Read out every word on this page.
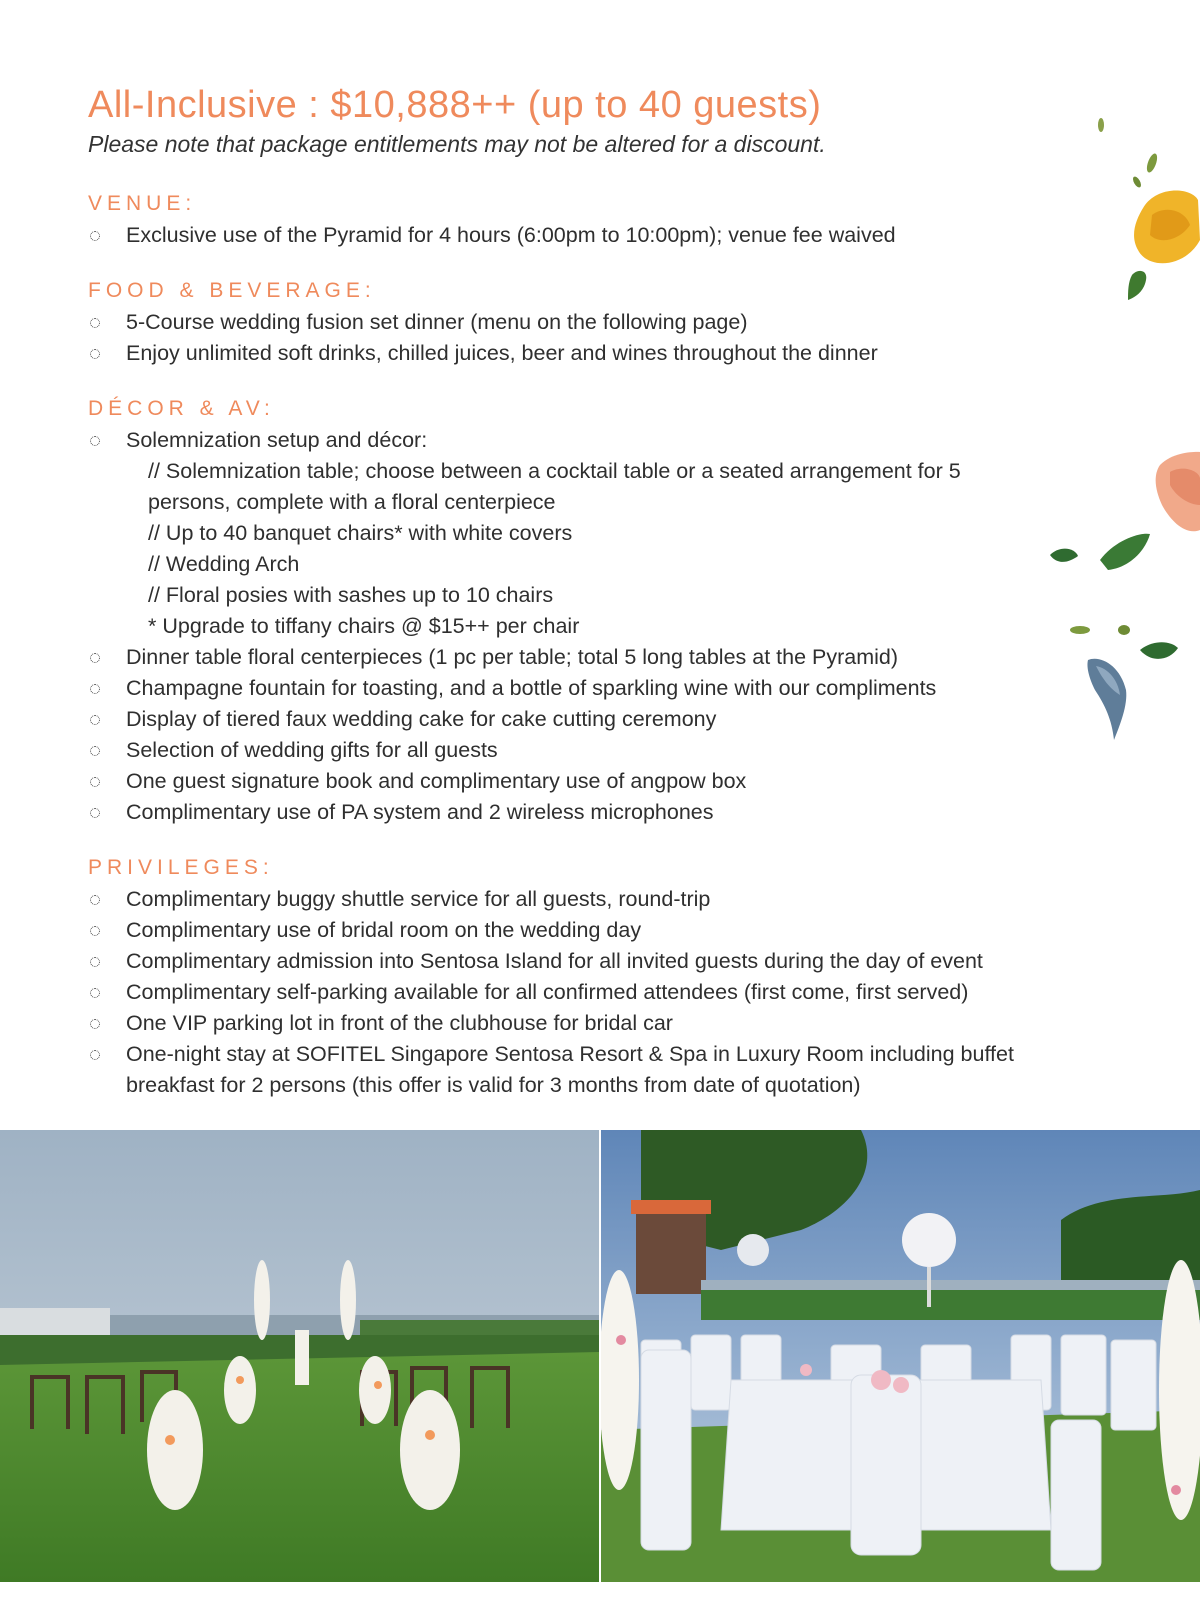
All-Inclusive : $10,888++ (up to 40 guests)

Please note that package entitlements may not be altered for a discount.

VENUE:
Exclusive use of the Pyramid for 4 hours (6:00pm to 10:00pm); venue fee waived
FOOD & BEVERAGE:
5-Course wedding fusion set dinner (menu on the following page)
Enjoy unlimited soft drinks, chilled juices, beer and wines throughout the dinner
DÉCOR & AV:
Solemnization setup and décor:
// Solemnization table; choose between a cocktail table or a seated arrangement for 5 persons, complete with a floral centerpiece
// Up to 40 banquet chairs* with white covers
// Wedding Arch
// Floral posies with sashes up to 10 chairs
* Upgrade to tiffany chairs @ $15++ per chair
Dinner table floral centerpieces (1 pc per table; total 5 long tables at the Pyramid)
Champagne fountain for toasting, and a bottle of sparkling wine with our compliments
Display of tiered faux wedding cake for cake cutting ceremony
Selection of wedding gifts for all guests
One guest signature book and complimentary use of angpow box
Complimentary use of PA system and 2 wireless microphones
PRIVILEGES:
Complimentary buggy shuttle service for all guests, round-trip
Complimentary use of bridal room on the wedding day
Complimentary admission into Sentosa Island for all invited guests during the day of event
Complimentary self-parking available for all confirmed attendees (first come, first served)
One VIP parking lot in front of the clubhouse for bridal car
One-night stay at SOFITEL Singapore Sentosa Resort & Spa in Luxury Room including buffet breakfast for 2 persons (this offer is valid for 3 months from date of quotation)
